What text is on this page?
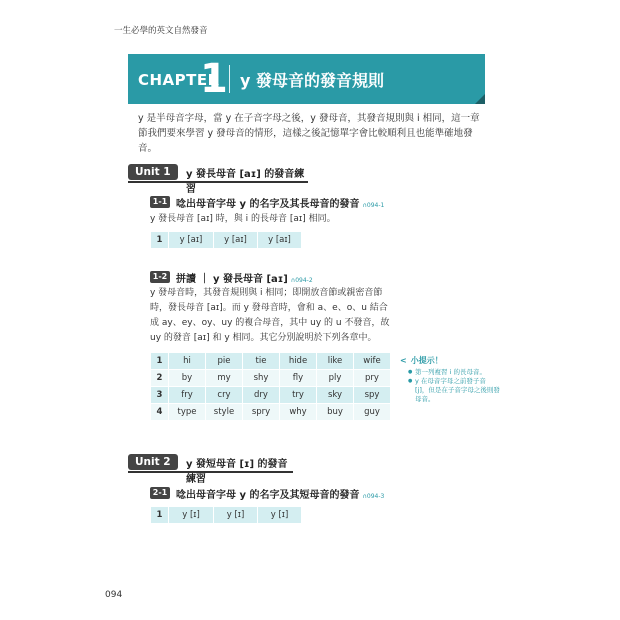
一生必學的英文自然發音
CHAPTER
1 y 發母音的發音規則

y 是半母音字母，當 y 在子音字母之後，y 發母音，其發音規則與 i 相同，這一章節我們要來學習 y 發母音的情形，這樣之後記憶單字會比較順利且也能準確地發音。

Unit 1	y 發長母音 [aɪ] 的發音練習
1-1 唸出母音字母 y 的名字及其長母音的發音 ∩094-1

y 發長母音 [aɪ] 時，與 i 的長母音 [aɪ] 相同。

1	y [aɪ]	y [aɪ]	y [aɪ]
1-2 拼讀 ｜ y 發長母音 [aɪ] ∩094-2

y 發母音時，其發音規則與 i 相同；即開放音節或親密音節時，發長母音 [aɪ]。而 y 發母音時，會和 a、e、o、u 結合成 ay、ey、oy、uy 的複合母音，其中 uy 的 u 不發音，故 uy 的發音 [aɪ] 和 y 相同。其它分別說明於下列各章中。

1	hi	pie	tie	hide	like	wife
2	by	my	shy	fly	ply	pry
3	fry	cry	dry	try	sky	spy
4	type	style	spry	why	buy	guy
< 小提示！
● 第一列複習 i 的長母音。
● y 在母音字母之前發子音 [j]，但是在子音字母之後則發母音。
Unit 2	y 發短母音 [ɪ] 的發音練習
2-1 唸出母音字母 y 的名字及其短母音的發音 ∩094-3
1	y [ɪ]	y [ɪ]	y [ɪ]
094
